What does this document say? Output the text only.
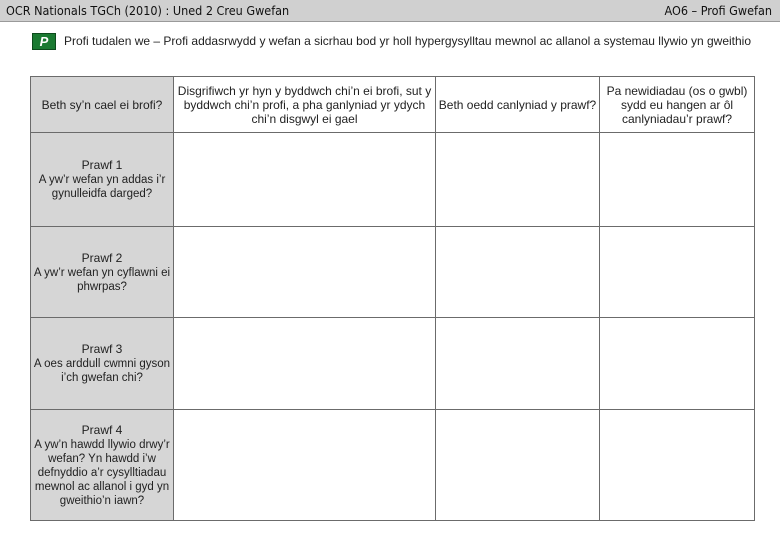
OCR Nationals TGCh (2010) : Uned 2 Creu Gwefan	AO6 – Profi Gwefan
P	Profi tudalen we – Profi addasrwydd y wefan a sicrhau bod yr holl hypergysylltau mewnol ac allanol a systemau llywio yn gweithio
Beth sy’n cael ei brofi?	Disgrifiwch yr hyn y byddwch chi’n ei brofi, sut y byddwch chi’n profi, a pha ganlyniad yr ydych chi’n disgwyl ei gael	Beth oedd canlyniad y prawf?	Pa newidiadau (os o gwbl) sydd eu hangen ar ôl canlyniadau’r prawf?

Prawf 1
A yw’r wefan yn addas i’r gynulleidfa darged?			

Prawf 2
A yw’r wefan yn cyflawni ei phwrpas?			

Prawf 3
A oes arddull cwmni gyson i’ch gwefan chi?			

Prawf 4
A yw’n hawdd llywio drwy’r wefan? Yn hawdd i’w defnyddio a’r cysylltiadau mewnol ac allanol i gyd yn gweithio’n iawn?			
